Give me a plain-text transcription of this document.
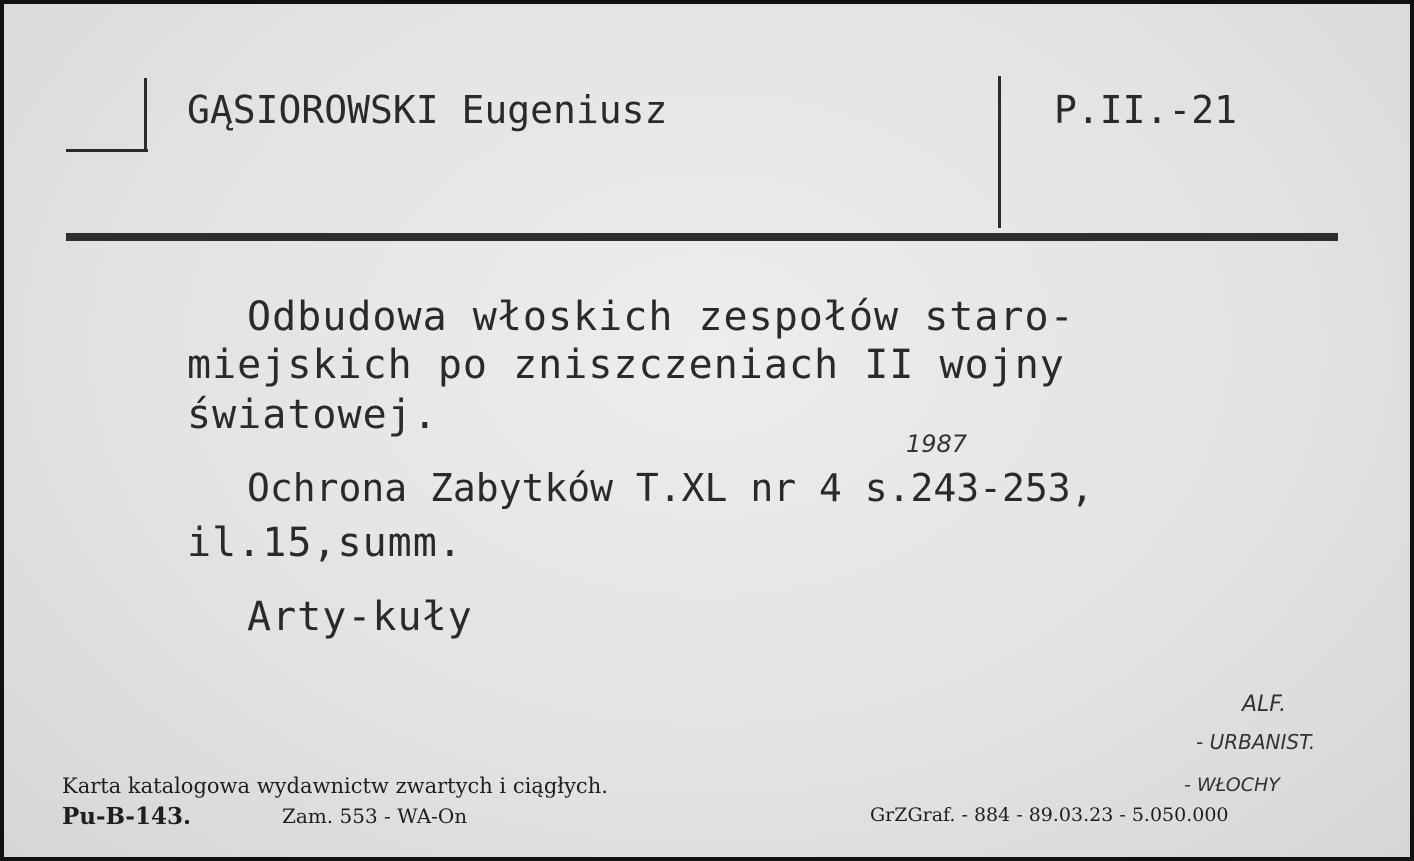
GĄSIOROWSKI Eugeniusz	P.II.-21
Odbudowa włoskich zespołów staro-
miejskich po zniszczeniach II wojny
światowej.
1987
Ochrona Zabytków T.XL nr 4 s.243-253,
il.15,summ.
Arty-kuły
ALF.
- URBANIST.
- WŁOCHY
Karta katalogowa wydawnictw zwartych i ciągłych.
Pu-B-143.	Zam. 553 - WA-On	GrZGraf. - 884 - 89.03.23 - 5.050.000
